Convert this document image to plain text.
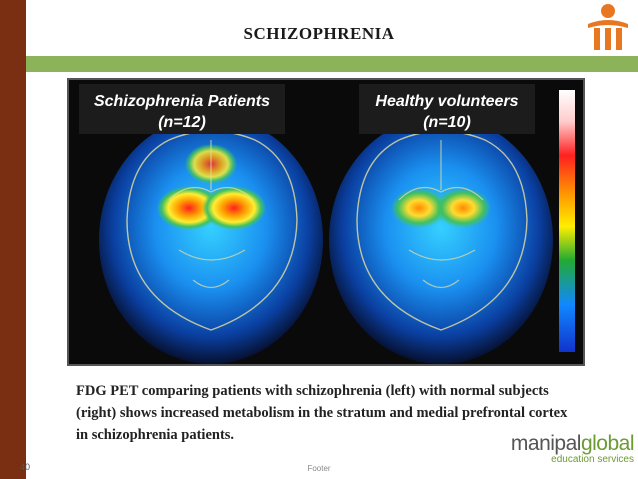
SCHIZOPHRENIA
Schizophrenia Patients
(n=12)
Healthy volunteers
(n=10)
FDG PET comparing patients with schizophrenia (left) with normal subjects (right) shows increased metabolism in the stratum and medial prefrontal cortex in schizophrenia patients.
40	Footer
manipalglobal
education services
